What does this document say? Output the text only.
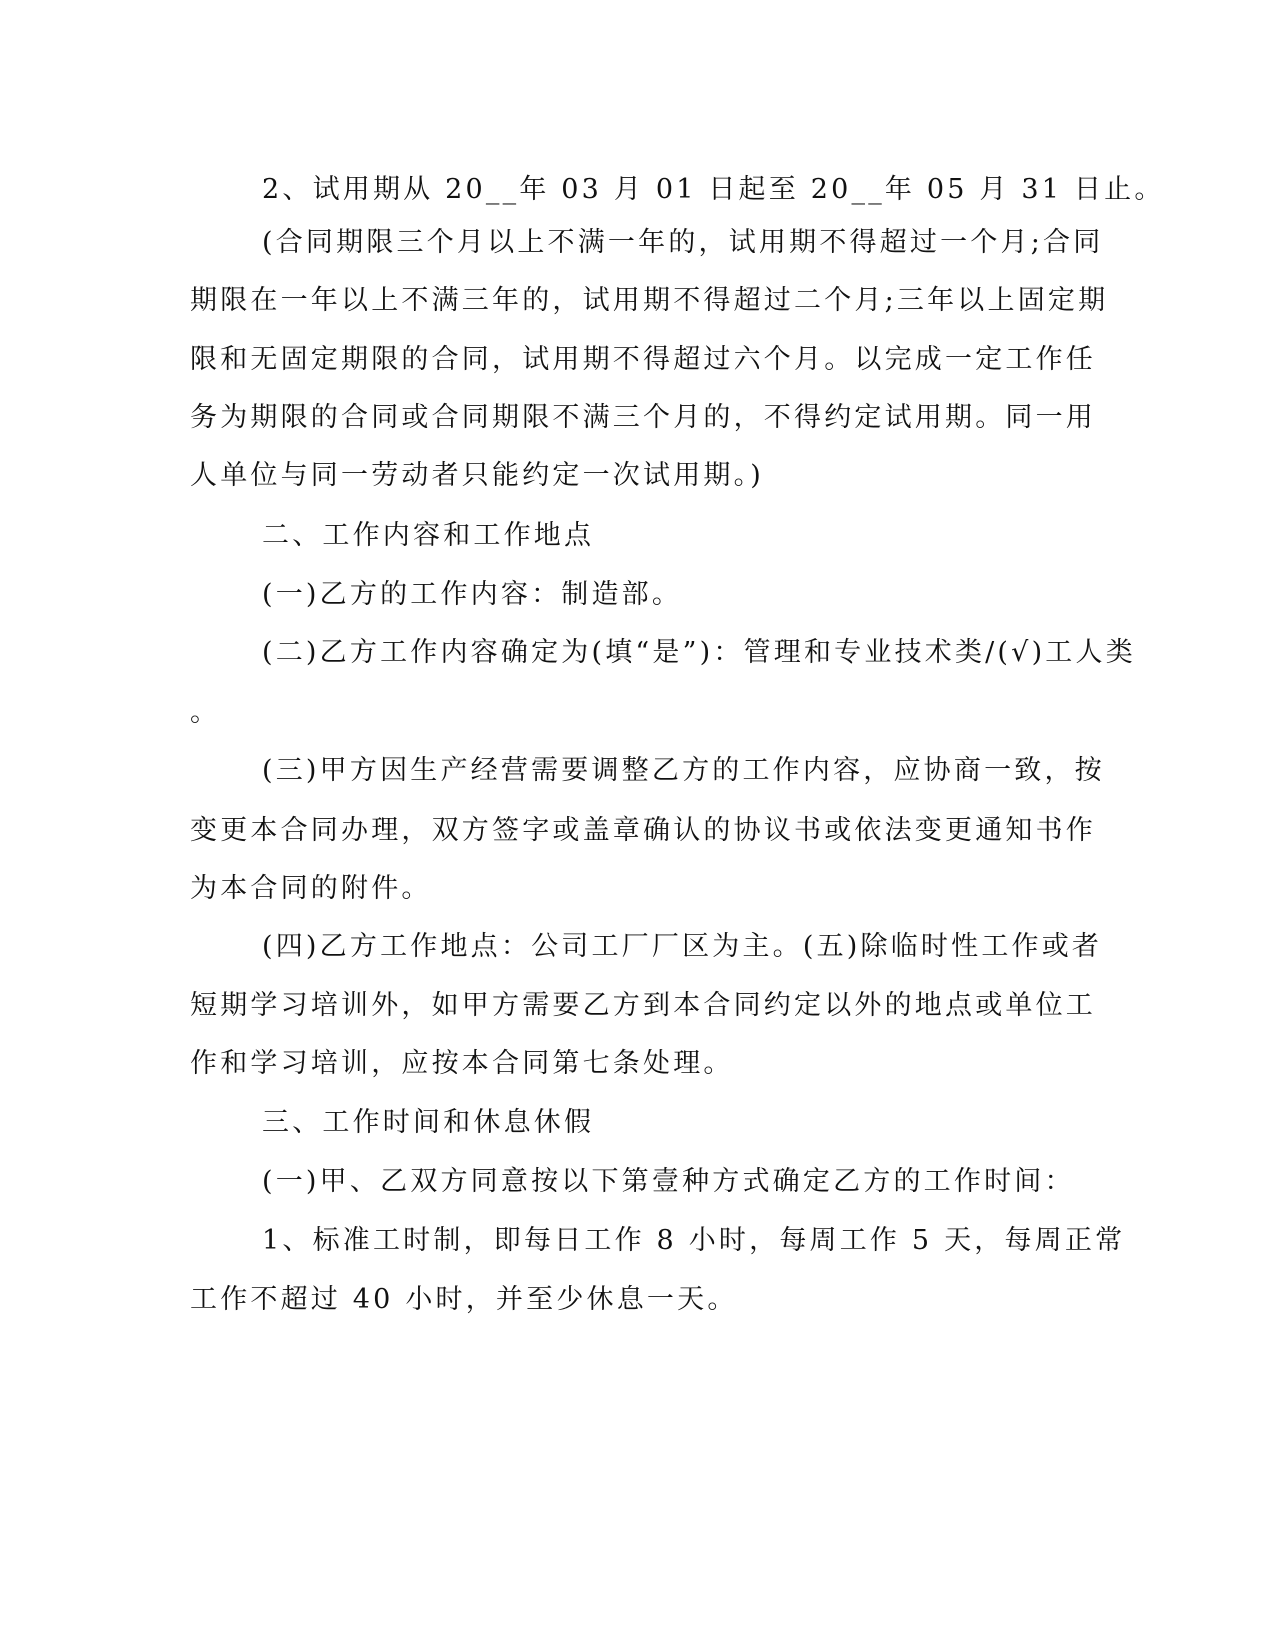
2、试用期从 20__年 03 月 01 日起至 20__年 05 月 31 日止。
(合同期限三个月以上不满一年的，试用期不得超过一个月;合同
期限在一年以上不满三年的，试用期不得超过二个月;三年以上固定期
限和无固定期限的合同，试用期不得超过六个月。以完成一定工作任
务为期限的合同或合同期限不满三个月的，不得约定试用期。同一用
人单位与同一劳动者只能约定一次试用期。)
二、工作内容和工作地点
(一)乙方的工作内容：制造部。
(二)乙方工作内容确定为(填“是”)：管理和专业技术类/(√)工人类
。
(三)甲方因生产经营需要调整乙方的工作内容，应协商一致，按
变更本合同办理，双方签字或盖章确认的协议书或依法变更通知书作
为本合同的附件。
(四)乙方工作地点：公司工厂厂区为主。(五)除临时性工作或者
短期学习培训外，如甲方需要乙方到本合同约定以外的地点或单位工
作和学习培训，应按本合同第七条处理。
三、工作时间和休息休假
(一)甲、乙双方同意按以下第壹种方式确定乙方的工作时间：
1、标准工时制，即每日工作 8 小时，每周工作 5 天，每周正常
工作不超过 40 小时，并至少休息一天。
